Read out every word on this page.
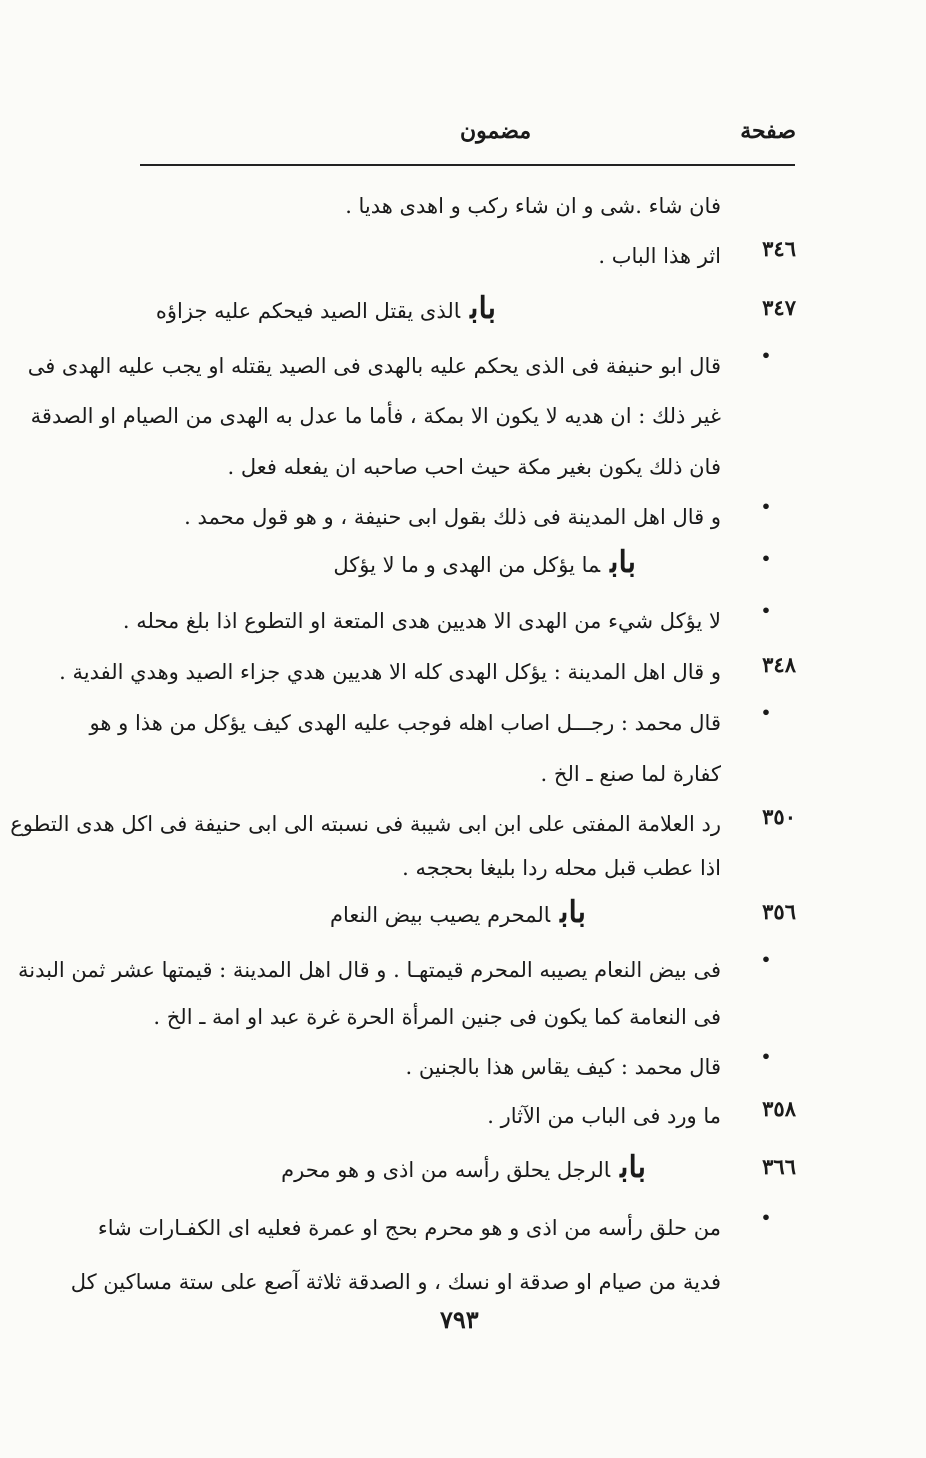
صفحة
مضمون
فان شاء .شى و ان شاء ركب و اهدى هديا .
٣٤٦
اثر هذا الباب .
٣٤٧
بابالذى يقتل الصيد فيحكم عليه جزاؤه
•
قال ابو حنيفة فى الذى يحكم عليه بالهدى فى الصيد يقتله او يجب عليه الهدى فى
غير ذلك : ان هديه لا يكون الا بمكة ، فأما ما عدل به الهدى من الصيام او الصدقة
فان ذلك يكون بغير مكة حيث احب صاحبه ان يفعله فعل .
•
و قال اهل المدينة فى ذلك بقول ابى حنيفة ، و هو قول محمد .
•
بابما يؤكل من الهدى و ما لا يؤكل
•
لا يؤكل شيء من الهدى الا هديين هدى المتعة او التطوع اذا بلغ محله .
٣٤٨
و قال اهل المدينة : يؤكل الهدى كله الا هديين هدي جزاء الصيد وهدي الفدية .
•
قال محمد : رجـــل اصاب اهله فوجب عليه الهدى كيف يؤكل من هذا و هو
كفارة لما صنع ـ الخ .
٣٥٠
رد العلامة المفتى على ابن ابى شيبة فى نسبته الى ابى حنيفة فى اكل هدى التطوع
اذا عطب قبل محله ردا بليغا بحججه .
٣٥٦
بابالمحرم يصيب بيض النعام
•
فى بيض النعام يصيبه المحرم قيمتهـا . و قال اهل المدينة : قيمتها عشر ثمن البدنة
فى النعامة كما يكون فى جنين المرأة الحرة غرة عبد او امة ـ الخ .
•
قال محمد : كيف يقاس هذا بالجنين .
٣٥٨
ما ورد فى الباب من الآثار .
٣٦٦
بابالرجل يحلق رأسه من اذى و هو محرم
•
من حلق رأسه من اذى و هو محرم بحج او عمرة فعليه اى الكفـارات شاء
فدية من صيام او صدقة او نسك ، و الصدقة ثلاثة آصع على ستة مساكين كل
٧٩٣
